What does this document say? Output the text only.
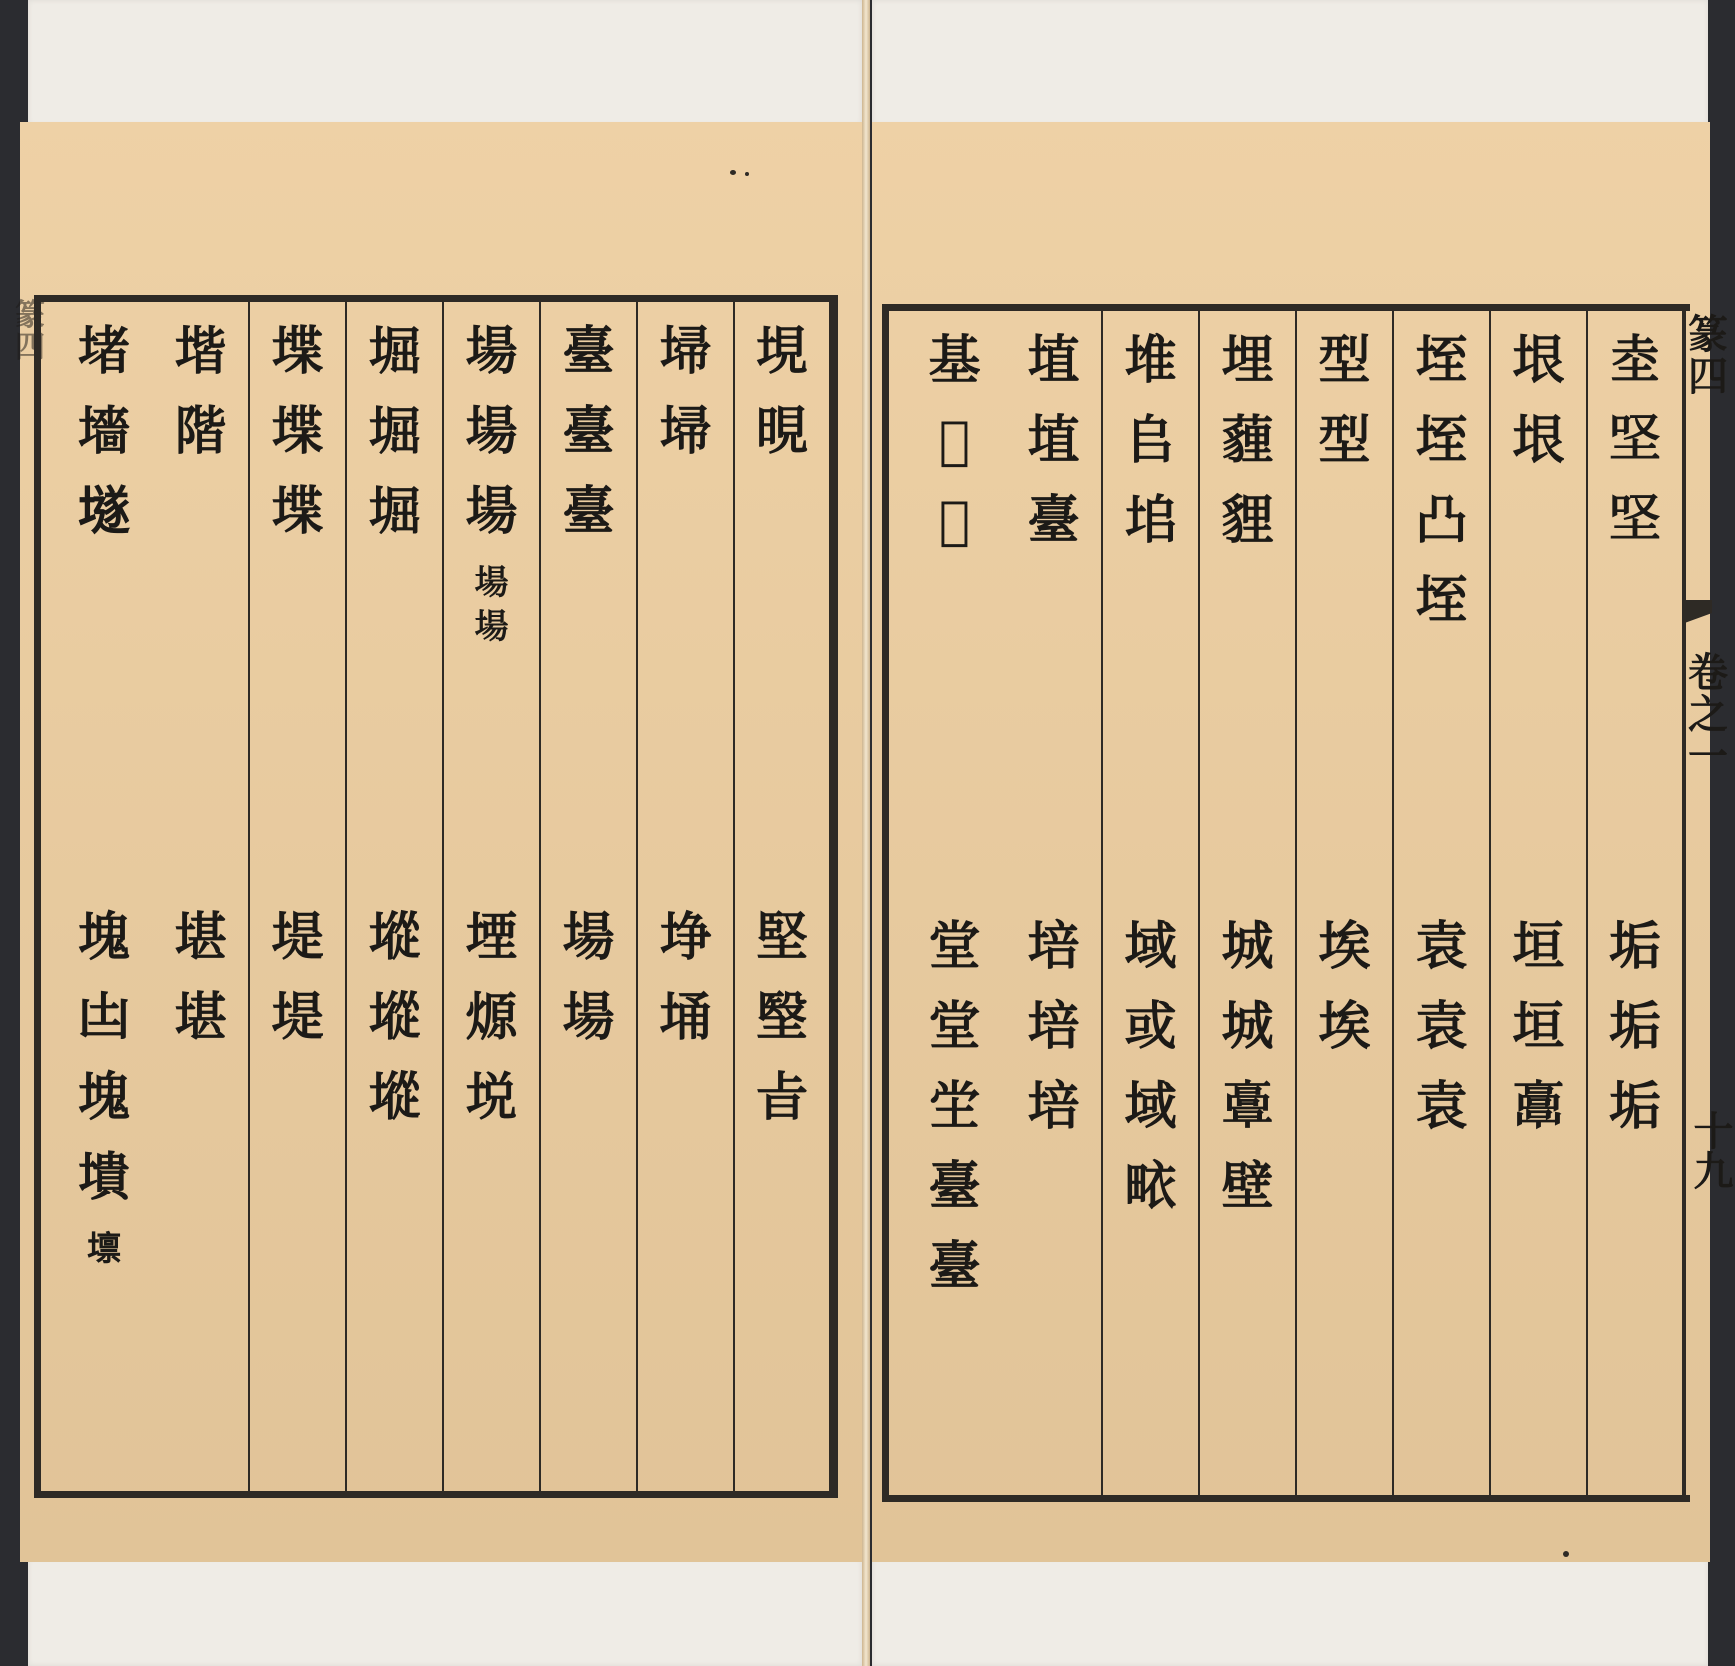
篆
四	垷
晛
堅
㙠
㫖
埽
埽
埩
埇
臺
臺
臺
場
場
場
場
場
場
場
堙
㷧
㙂
堀
堀
堀
㙡
㙡
㙡
堞
堞
堞
堤
堤
堦
階
堪
堪
堵
墻
𡑞
塊
凷
塊
墤
𡒄
坴
𡊙
𡊙
垢
垢
垢
垠
垠
垣
垣
𩫖
垤
垤
凸
垤
袁
袁
袁
型
型
埃
埃
埋
薶
貍
城
城
𩫏
壁
堆
𠂤
垖
域
或
域
畩
埴
埴
臺
培
培
培
基
𡊮
𡊮
堂
堂
坣
臺
臺
篆
四
卷
之
一
十九
